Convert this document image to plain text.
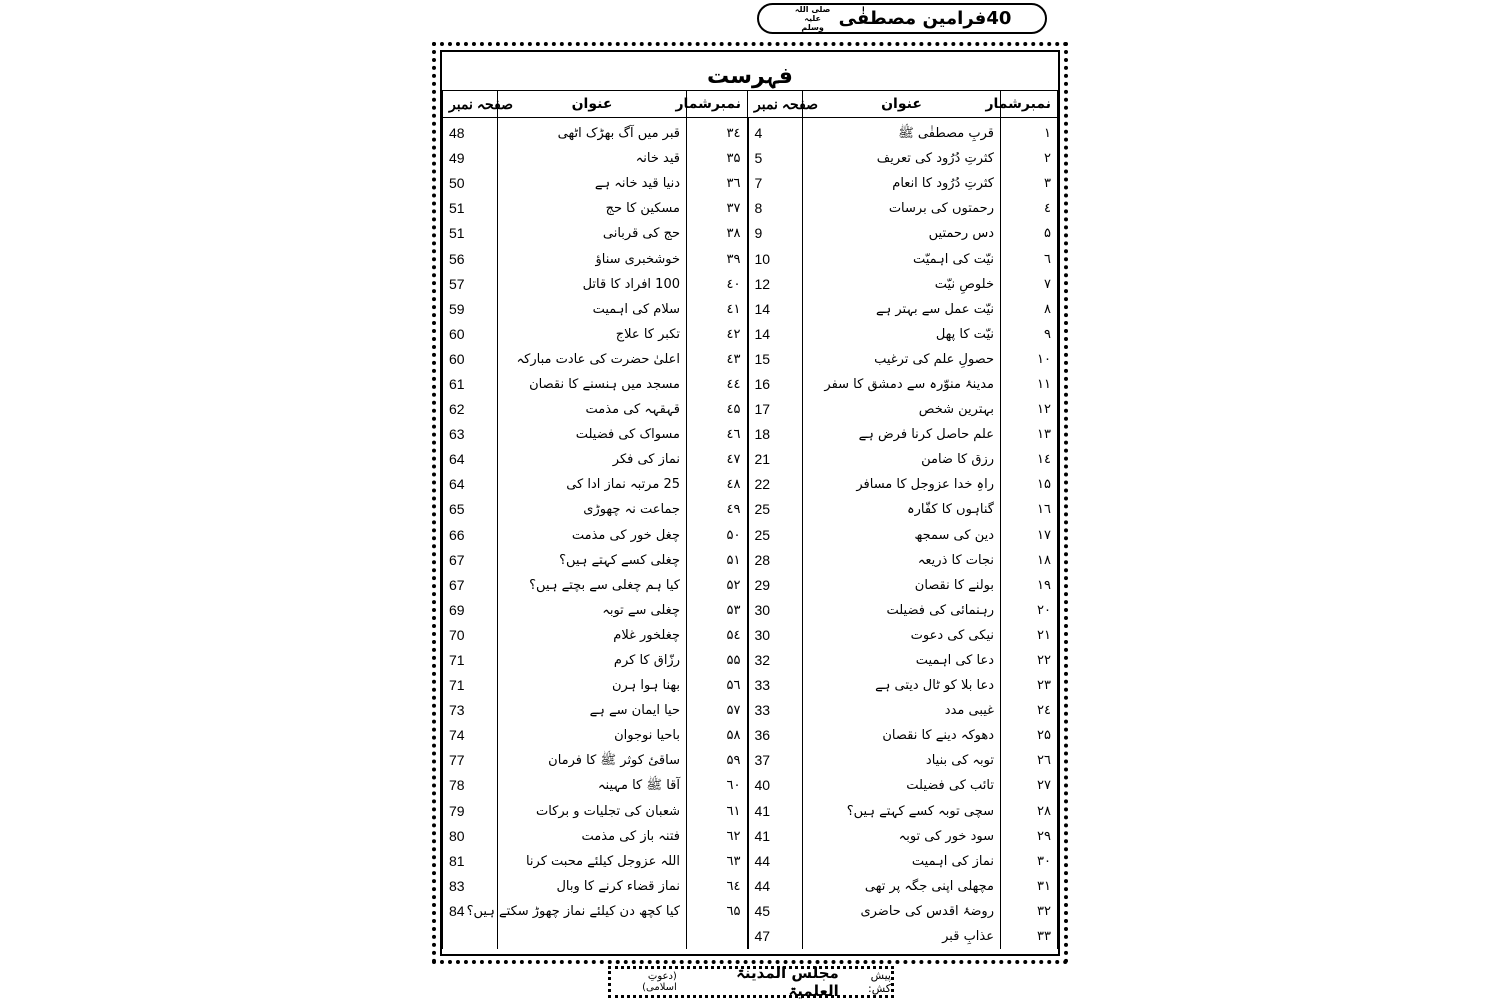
40فرامین مصطفٰی
صلی اللہ علیہ وسلم
فہرست
نمبرشمار	عنوان	صفحہ نمبر	نمبرشمار	عنوان	صفحہ نمبر
۱	قربِ مصطفٰی ﷺ	4	۳٤	قبر میں آگ بھڑک اٹھی	48
۲	کثرتِ دُرُود کی تعریف	5	۳۵	قید خانہ	49
۳	کثرتِ دُرُود کا انعام	7	۳٦	دنیا قید خانہ ہے	50
٤	رحمتوں کی برسات	8	۳۷	مسکین کا حج	51
۵	دس رحمتیں	9	۳۸	حج کی قربانی	51
٦	نیّت کی اہمیّت	10	۳۹	خوشخبری سناؤ	56
۷	خلوصِ نیّت	12	٤۰	100 افراد کا قاتل	57
۸	نیّت عمل سے بہتر ہے	14	٤۱	سلام کی اہمیت	59
۹	نیّت کا پھل	14	٤۲	تکبر کا علاج	60
۱۰	حصولِ علم کی ترغیب	15	٤۳	اعلیٰ حضرت کی عادت مبارکہ	60
۱۱	مدینۂ منوّرہ سے دمشق کا سفر	16	٤٤	مسجد میں ہنسنے کا نقصان	61
۱۲	بہترین شخص	17	٤۵	قہقہہ کی مذمت	62
۱۳	علم حاصل کرنا فرض ہے	18	٤٦	مسواک کی فضیلت	63
۱٤	رزق کا ضامن	21	٤۷	نماز کی فکر	64
۱۵	راہِ خدا عزوجل کا مسافر	22	٤۸	25 مرتبہ نماز ادا کی	64
۱٦	گناہوں کا کفّارہ	25	٤۹	جماعت نہ چھوڑی	65
۱۷	دین کی سمجھ	25	۵۰	چغل خور کی مذمت	66
۱۸	نجات کا ذریعہ	28	۵۱	چغلی کسے کہتے ہیں؟	67
۱۹	بولنے کا نقصان	29	۵۲	کیا ہم چغلی سے بچتے ہیں؟	67
۲۰	رہنمائی کی فضیلت	30	۵۳	چغلی سے توبہ	69
۲۱	نیکی کی دعوت	30	۵٤	چغلخور غلام	70
۲۲	دعا کی اہمیت	32	۵۵	رزّاق کا کرم	71
۲۳	دعا بلا کو ٹال دیتی ہے	33	۵٦	بھنا ہوا ہرن	71
۲٤	غیبی مدد	33	۵۷	حیا ایمان سے ہے	73
۲۵	دھوکہ دینے کا نقصان	36	۵۸	باحیا نوجوان	74
۲٦	توبہ کی بنیاد	37	۵۹	ساقیٔ کوثر ﷺ کا فرمان	77
۲۷	تائب کی فضیلت	40	٦۰	آقا ﷺ کا مہینہ	78
۲۸	سچی توبہ کسے کہتے ہیں؟	41	٦۱	شعبان کی تجلیات و برکات	79
۲۹	سود خور کی توبہ	41	٦۲	فتنہ باز کی مذمت	80
۳۰	نماز کی اہمیت	44	٦۳	اللہ عزوجل کیلئے محبت کرنا	81
۳۱	مچھلی اپنی جگہ پر تھی	44	٦٤	نماز قضاء کرنے کا وبال	83
۳۲	روضۂ اقدس کی حاضری	45	٦۵	کیا کچھ دن کیلئے نماز چھوڑ سکتے ہیں؟	84
۳۳	عذابِ قبر	47			
پیش کش:
مجلس المدینۃ العلمیۃ
(دعوتِ اسلامی)
